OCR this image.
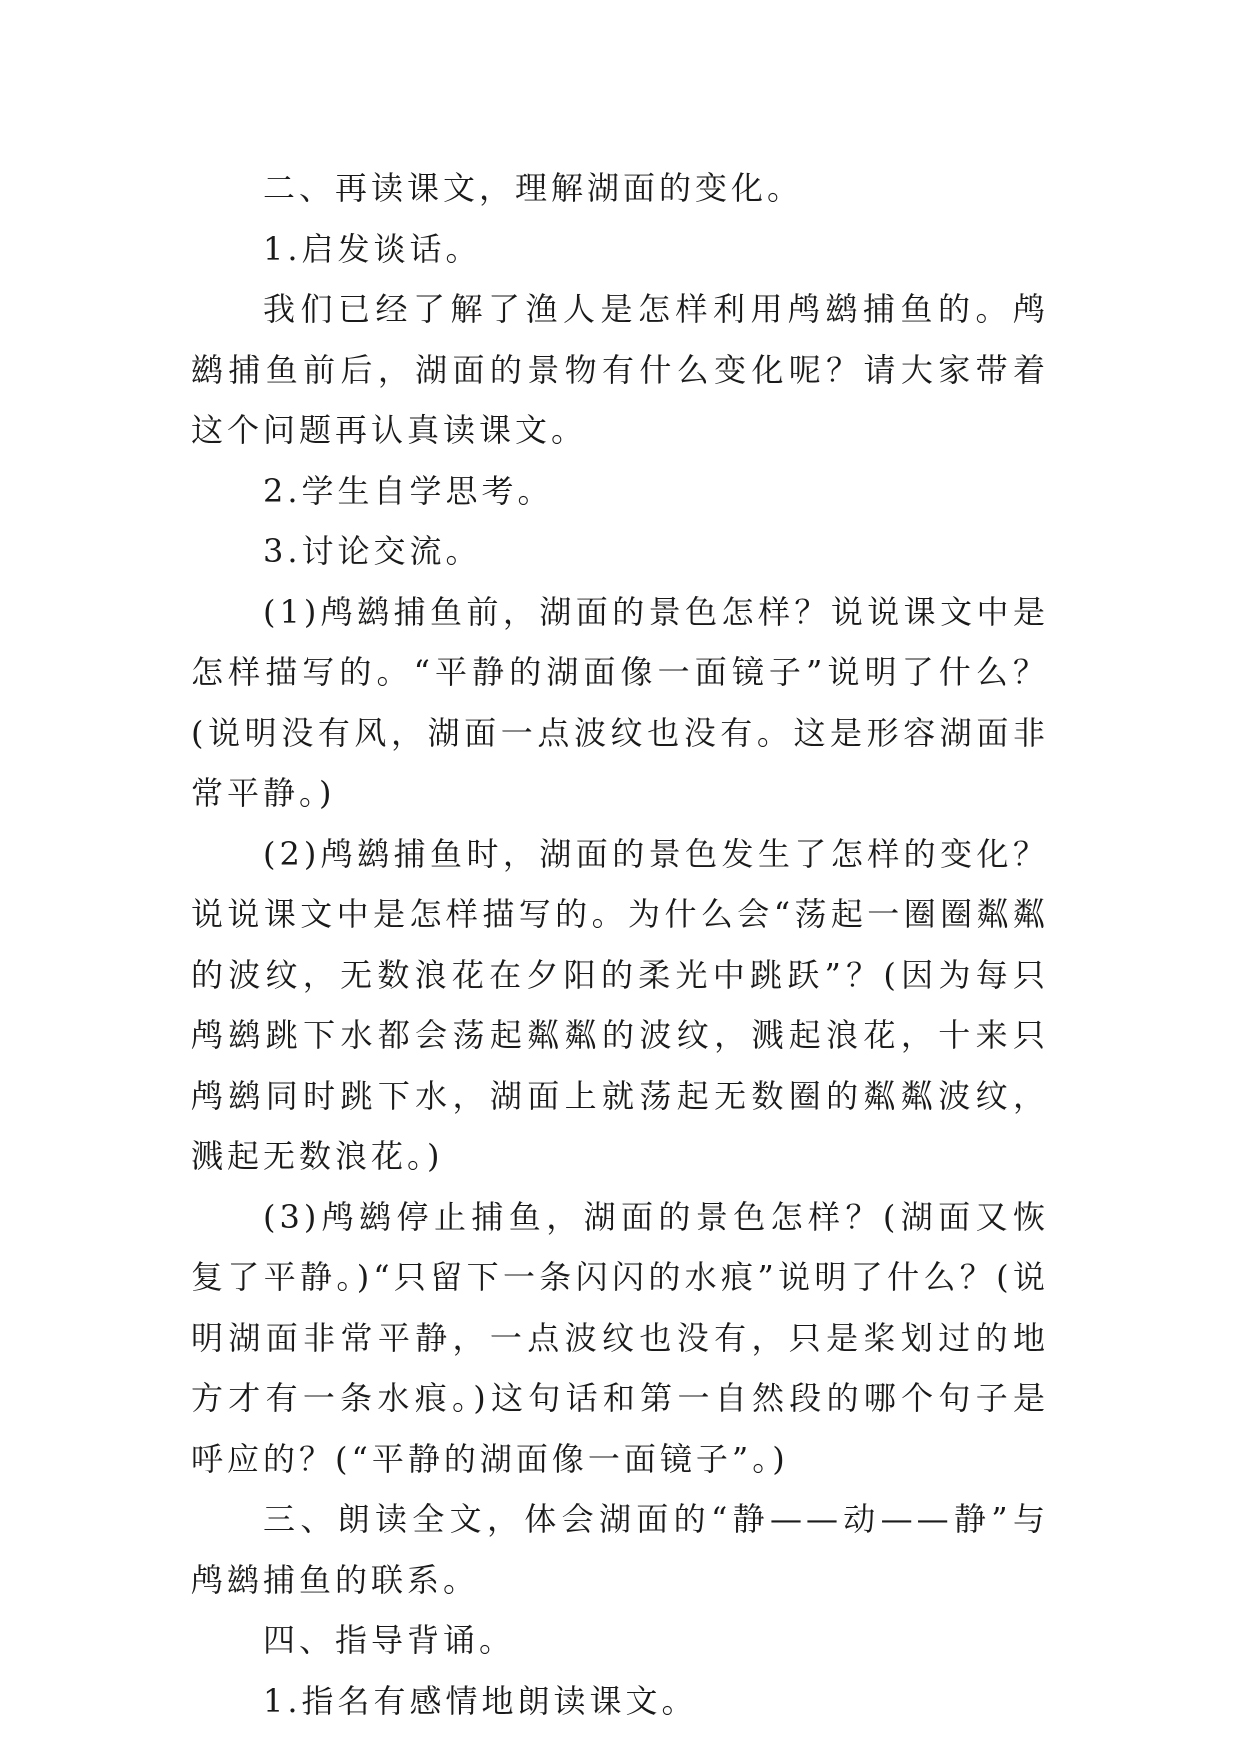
二、再读课文，理解湖面的变化。

1.启发谈话。

我们已经了解了渔人是怎样利用鸬鹚捕鱼的。鸬鹚捕鱼前后，湖面的景物有什么变化呢？请大家带着这个问题再认真读课文。

2.学生自学思考。

3.讨论交流。

(1)鸬鹚捕鱼前，湖面的景色怎样？说说课文中是怎样描写的。“平静的湖面像一面镜子”说明了什么？(说明没有风，湖面一点波纹也没有。这是形容湖面非常平静。)

(2)鸬鹚捕鱼时，湖面的景色发生了怎样的变化？说说课文中是怎样描写的。为什么会“荡起一圈圈粼粼的波纹，无数浪花在夕阳的柔光中跳跃”？(因为每只鸬鹚跳下水都会荡起粼粼的波纹，溅起浪花，十来只鸬鹚同时跳下水，湖面上就荡起无数圈的粼粼波纹，溅起无数浪花。)

(3)鸬鹚停止捕鱼，湖面的景色怎样？(湖面又恢复了平静。)“只留下一条闪闪的水痕”说明了什么？(说明湖面非常平静，一点波纹也没有，只是桨划过的地方才有一条水痕。)这句话和第一自然段的哪个句子是呼应的？(“平静的湖面像一面镜子”。)

三、朗读全文，体会湖面的“静——动——静”与鸬鹚捕鱼的联系。

四、指导背诵。

1.指名有感情地朗读课文。
